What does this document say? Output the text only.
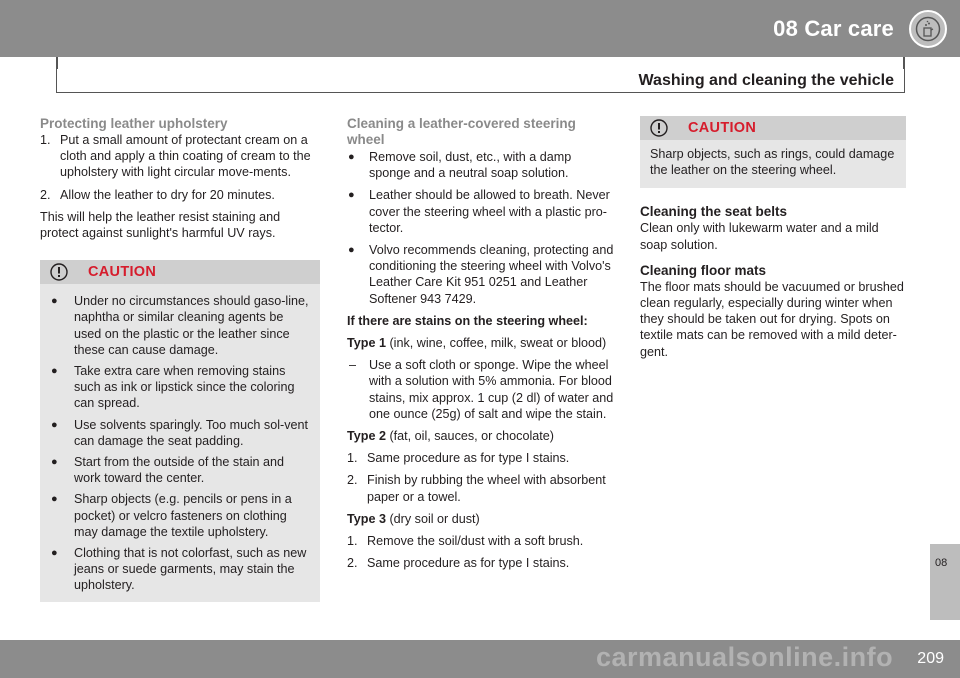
08 Car care
Washing and cleaning the vehicle
Protecting leather upholstery
1. Put a small amount of protectant cream on a cloth and apply a thin coating of cream to the upholstery with light circular move-ments.
2. Allow the leather to dry for 20 minutes.

This will help the leather resist staining and protect against sunlight's harmful UV rays.

CAUTION
● Under no circumstances should gaso-line, naphtha or similar cleaning agents be used on the plastic or the leather since these can cause damage.
● Take extra care when removing stains such as ink or lipstick since the coloring can spread.
● Use solvents sparingly. Too much sol-vent can damage the seat padding.
● Start from the outside of the stain and work toward the center.
● Sharp objects (e.g. pencils or pens in a pocket) or velcro fasteners on clothing may damage the textile upholstery.
● Clothing that is not colorfast, such as new jeans or suede garments, may stain the upholstery.
Cleaning a leather-covered steering wheel
● Remove soil, dust, etc., with a damp sponge and a neutral soap solution.
● Leather should be allowed to breath. Never cover the steering wheel with a plastic pro-tector.
● Volvo recommends cleaning, protecting and conditioning the steering wheel with Volvo's Leather Care Kit 951 0251 and Leather Softener 943 7429.

If there are stains on the steering wheel:

Type 1 (ink, wine, coffee, milk, sweat or blood)

– Use a soft cloth or sponge. Wipe the wheel with a solution with 5% ammonia. For blood stains, mix approx. 1 cup (2 dl) of water and one ounce (25g) of salt and wipe the stain.

Type 2 (fat, oil, sauces, or chocolate)

1. Same procedure as for type I stains.
2. Finish by rubbing the wheel with absorbent paper or a towel.

Type 3 (dry soil or dust)

1. Remove the soil/dust with a soft brush.
2. Same procedure as for type I stains.
CAUTION
Sharp objects, such as rings, could damage the leather on the steering wheel.
Cleaning the seat belts
Clean only with lukewarm water and a mild soap solution.
Cleaning floor mats
The floor mats should be vacuumed or brushed clean regularly, especially during winter when they should be taken out for drying. Spots on textile mats can be removed with a mild deter-gent.
08
carmanualsonline.info 209
